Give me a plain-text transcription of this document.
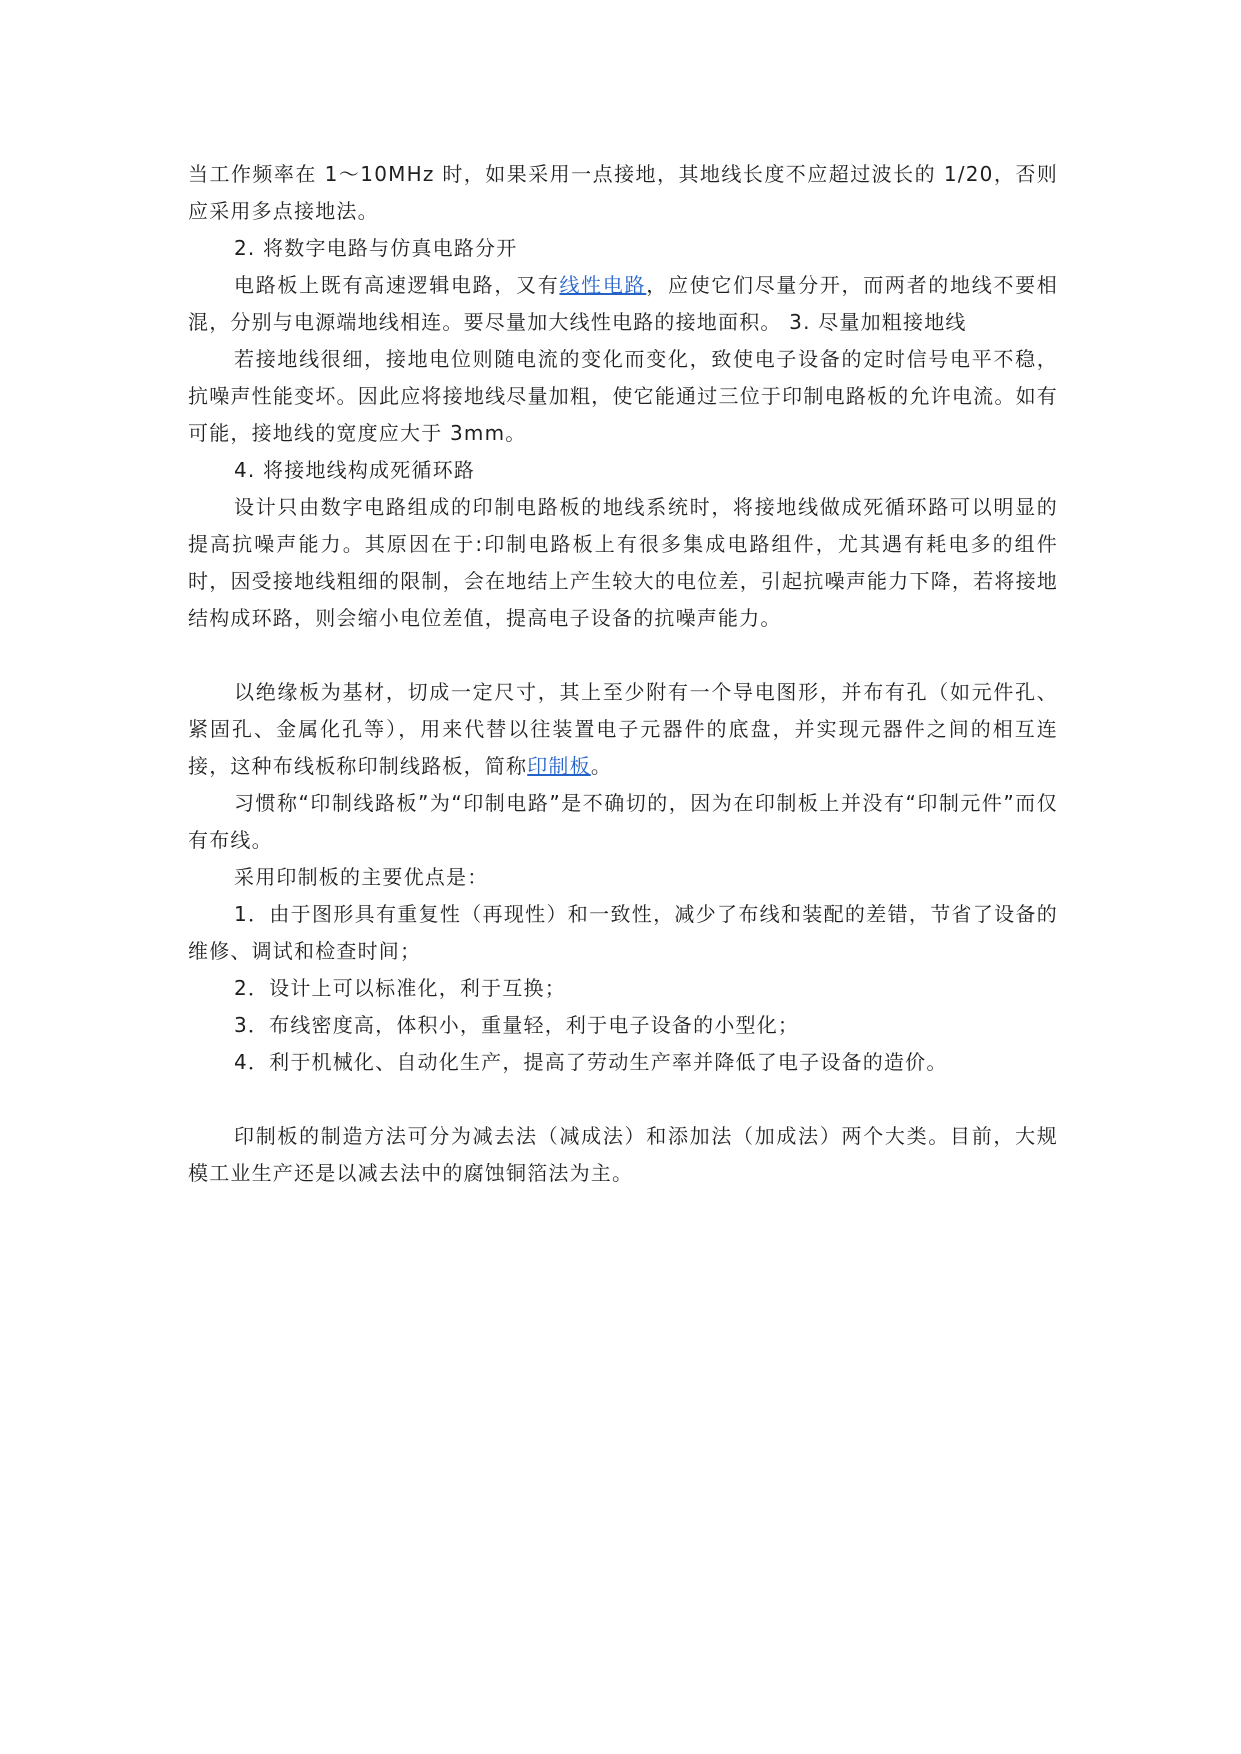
当工作频率在 1～10MHz 时，如果采用一点接地，其地线长度不应超过波长的 1/20，否则应采用多点接地法。

2. 将数字电路与仿真电路分开

电路板上既有高速逻辑电路，又有线性电路，应使它们尽量分开，而两者的地线不要相混，分别与电源端地线相连。要尽量加大线性电路的接地面积。 3. 尽量加粗接地线

若接地线很细，接地电位则随电流的变化而变化，致使电子设备的定时信号电平不稳，抗噪声性能变坏。因此应将接地线尽量加粗，使它能通过三位于印制电路板的允许电流。如有可能，接地线的宽度应大于 3mm。

4. 将接地线构成死循环路

设计只由数字电路组成的印制电路板的地线系统时，将接地线做成死循环路可以明显的提高抗噪声能力。其原因在于:印制电路板上有很多集成电路组件，尤其遇有耗电多的组件时，因受接地线粗细的限制，会在地结上产生较大的电位差，引起抗噪声能力下降，若将接地结构成环路，则会缩小电位差值，提高电子设备的抗噪声能力。

以绝缘板为基材，切成一定尺寸，其上至少附有一个导电图形，并布有孔（如元件孔、紧固孔、金属化孔等），用来代替以往装置电子元器件的底盘，并实现元器件之间的相互连接，这种布线板称印制线路板，简称印制板。

习惯称“印制线路板”为“印制电路”是不确切的，因为在印制板上并没有“印制元件”而仅有布线。

采用印制板的主要优点是：

1．由于图形具有重复性（再现性）和一致性，减少了布线和装配的差错，节省了设备的维修、调试和检查时间；

2．设计上可以标准化，利于互换；

3．布线密度高，体积小，重量轻，利于电子设备的小型化；

4．利于机械化、自动化生产，提高了劳动生产率并降低了电子设备的造价。

印制板的制造方法可分为减去法（减成法）和添加法（加成法）两个大类。目前，大规模工业生产还是以减去法中的腐蚀铜箔法为主。
